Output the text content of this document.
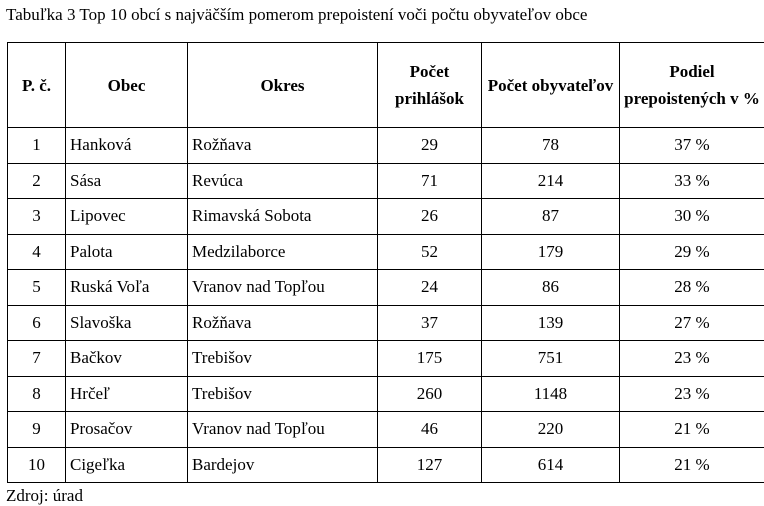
Tabuľka 3 Top 10 obcí s najväčším pomerom prepoistení voči počtu obyvateľov obce
P. č.	Obec	Okres	Počet prihlášok	Počet obyvateľov	Podiel prepoistených v %
1	Hanková	Rožňava	29	78	37 %
2	Sása	Revúca	71	214	33 %
3	Lipovec	Rimavská Sobota	26	87	30 %
4	Palota	Medzilaborce	52	179	29 %
5	Ruská Voľa	Vranov nad Topľou	24	86	28 %
6	Slavoška	Rožňava	37	139	27 %
7	Bačkov	Trebišov	175	751	23 %
8	Hrčeľ	Trebišov	260	1148	23 %
9	Prosačov	Vranov nad Topľou	46	220	21 %
10	Cigeľka	Bardejov	127	614	21 %
Zdroj: úrad
